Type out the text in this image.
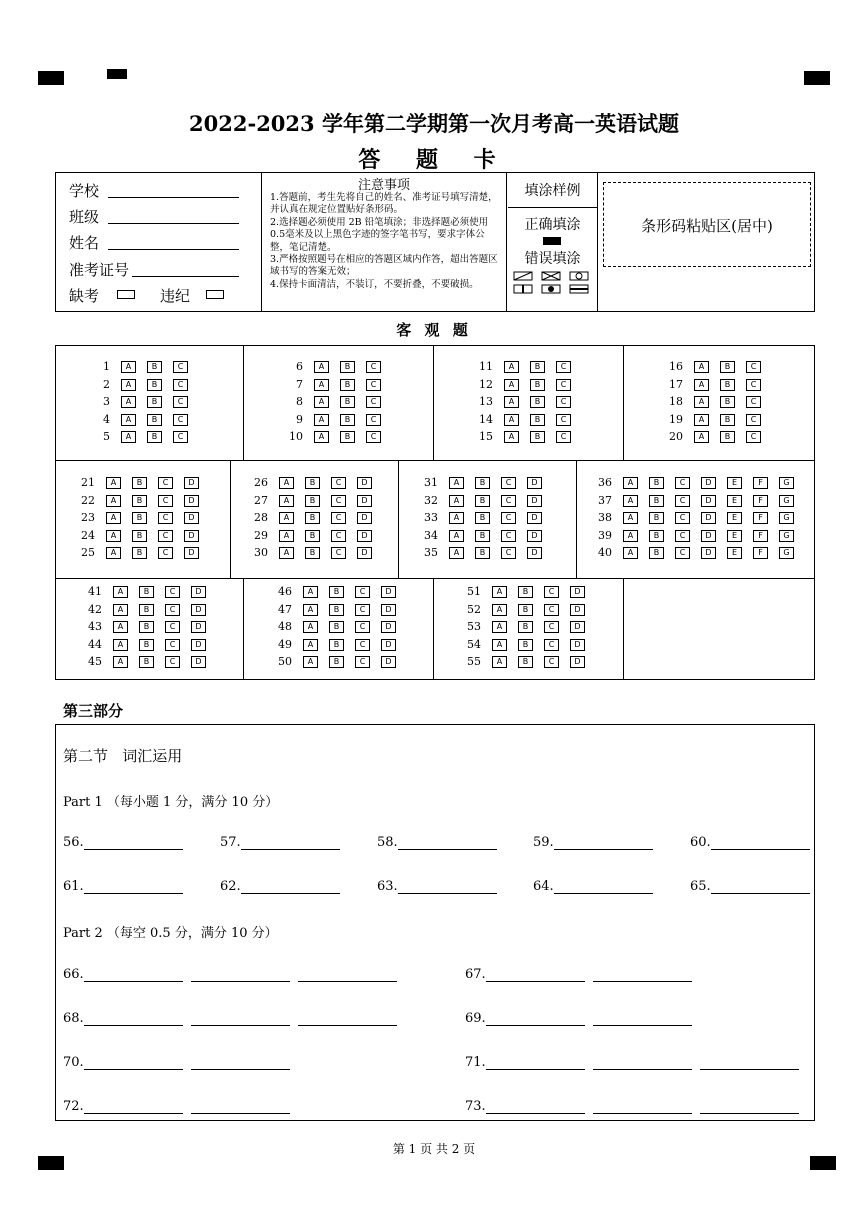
2022-2023 学年第二学期第一次月考高一英语试题
答 题 卡
学校
班级
姓名
准考证号
缺考	违纪
注意事项
1.答题前，考生先将自己的姓名、准考证号填写清楚，并认真在规定位置贴好条形码。
2.选择题必须使用 2B 铅笔填涂；非选择题必须使用 0.5毫米及以上黑色字迹的签字笔书写，要求字体公整，笔记清楚。
3.严格按照题号在相应的答题区域内作答，超出答题区域书写的答案无效；
4.保持卡面清洁，不装订，不要折叠，不要破损。
填涂样例
正确填涂
错误填涂
条形码粘贴区(居中)
客 观 题
1 A	B	C
2 A	B	C
3 A	B	C
4 A	B	C
5 A	B	C
6 A	B	C
7 A	B	C
8 A	B	C
9 A	B	C
10 A	B	C
11 A	B	C
12 A	B	C
13 A	B	C
14 A	B	C
15 A	B	C
16 A	B	C
17 A	B	C
18 A	B	C
19 A	B	C
20 A	B	C
21 A	B	C	D
22 A	B	C	D
23 A	B	C	D
24 A	B	C	D
25 A	B	C	D
26 A	B	C	D
27 A	B	C	D
28 A	B	C	D
29 A	B	C	D
30 A	B	C	D
31 A	B	C	D
32 A	B	C	D
33 A	B	C	D
34 A	B	C	D
35 A	B	C	D
36 A	B	C	D	E	F	G
37 A	B	C	D	E	F	G
38 A	B	C	D	E	F	G
39 A	B	C	D	E	F	G
40 A	B	C	D	E	F	G
41 A	B	C	D
42 A	B	C	D
43 A	B	C	D
44 A	B	C	D
45 A	B	C	D
46 A	B	C	D
47 A	B	C	D
48 A	B	C	D
49 A	B	C	D
50 A	B	C	D
51 A	B	C	D
52 A	B	C	D
53 A	B	C	D
54 A	B	C	D
55 A	B	C	D
第三部分
第二节   词汇运用
Part 1 （每小题 1 分，满分 10 分）
Part 2 （每空 0.5 分，满分 10 分）
56.	57.	58.	59.	60.
61.	62.	63.	64.	65.
66.	67.
68.	69.
70.	71.
72.	73.
第 1 页 共 2 页
